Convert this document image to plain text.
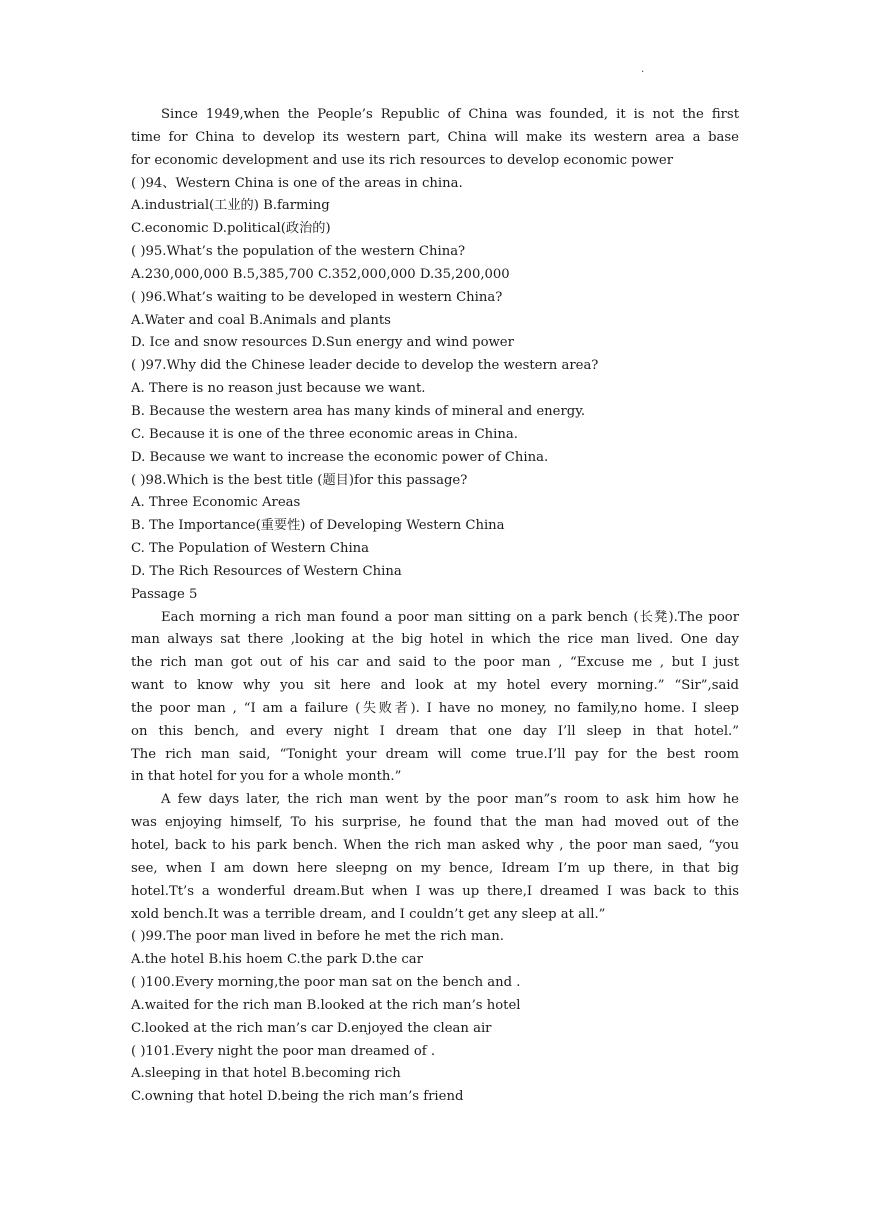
.
Since 1949,when the People’s Republic of China was founded, it is not the first
time for China to develop its western part, China will make its western area a base
for economic development and use its rich resources to develop economic power
( )94、Western China is one of the areas in china.
A.industrial(工业的) B.farming
C.economic D.political(政治的)
( )95.What’s the population of the western China?
A.230,000,000 B.5,385,700 C.352,000,000 D.35,200,000
( )96.What’s waiting to be developed in western China?
A.Water and coal B.Animals and plants
D. Ice and snow resources D.Sun energy and wind power
( )97.Why did the Chinese leader decide to develop the western area?
A. There is no reason just because we want.
B. Because the western area has many kinds of mineral and energy.
C. Because it is one of the three economic areas in China.
D. Because we want to increase the economic power of China.
( )98.Which is the best title (题目)for this passage?
A. Three Economic Areas
B. The Importance(重要性) of Developing Western China
C. The Population of Western China
D. The Rich Resources of Western China
Passage 5
Each morning a rich man found a poor man sitting on a park bench (长凳).The poor
man always sat there ,looking at the big hotel in which the rice man lived. One day
the rich man got out of his car and said to the poor man , “Excuse me , but I just
want to know why you sit here and look at my hotel every morning.” “Sir”,said
the poor man , “I am a failure (失败者). I have no money, no family,no home. I sleep
on this bench, and every night I dream that one day I’ll sleep in that hotel.”
The rich man said, “Tonight your dream will come true.I’ll pay for the best room
in that hotel for you for a whole month.”
A few days later, the rich man went by the poor man”s room to ask him how he
was enjoying himself, To his surprise, he found that the man had moved out of the
hotel, back to his park bench. When the rich man asked why , the poor man saed, “you
see, when I am down here sleepng on my bence, Idream I’m up there, in that big
hotel.Tt’s a wonderful dream.But when I was up there,I dreamed I was back to this
xold bench.It was a terrible dream, and I couldn’t get any sleep at all.”
( )99.The poor man lived in before he met the rich man.
A.the hotel B.his hoem C.the park D.the car
( )100.Every morning,the poor man sat on the bench and .
A.waited for the rich man B.looked at the rich man’s hotel
C.looked at the rich man’s car D.enjoyed the clean air
( )101.Every night the poor man dreamed of .
A.sleeping in that hotel B.becoming rich
C.owning that hotel D.being the rich man’s friend
